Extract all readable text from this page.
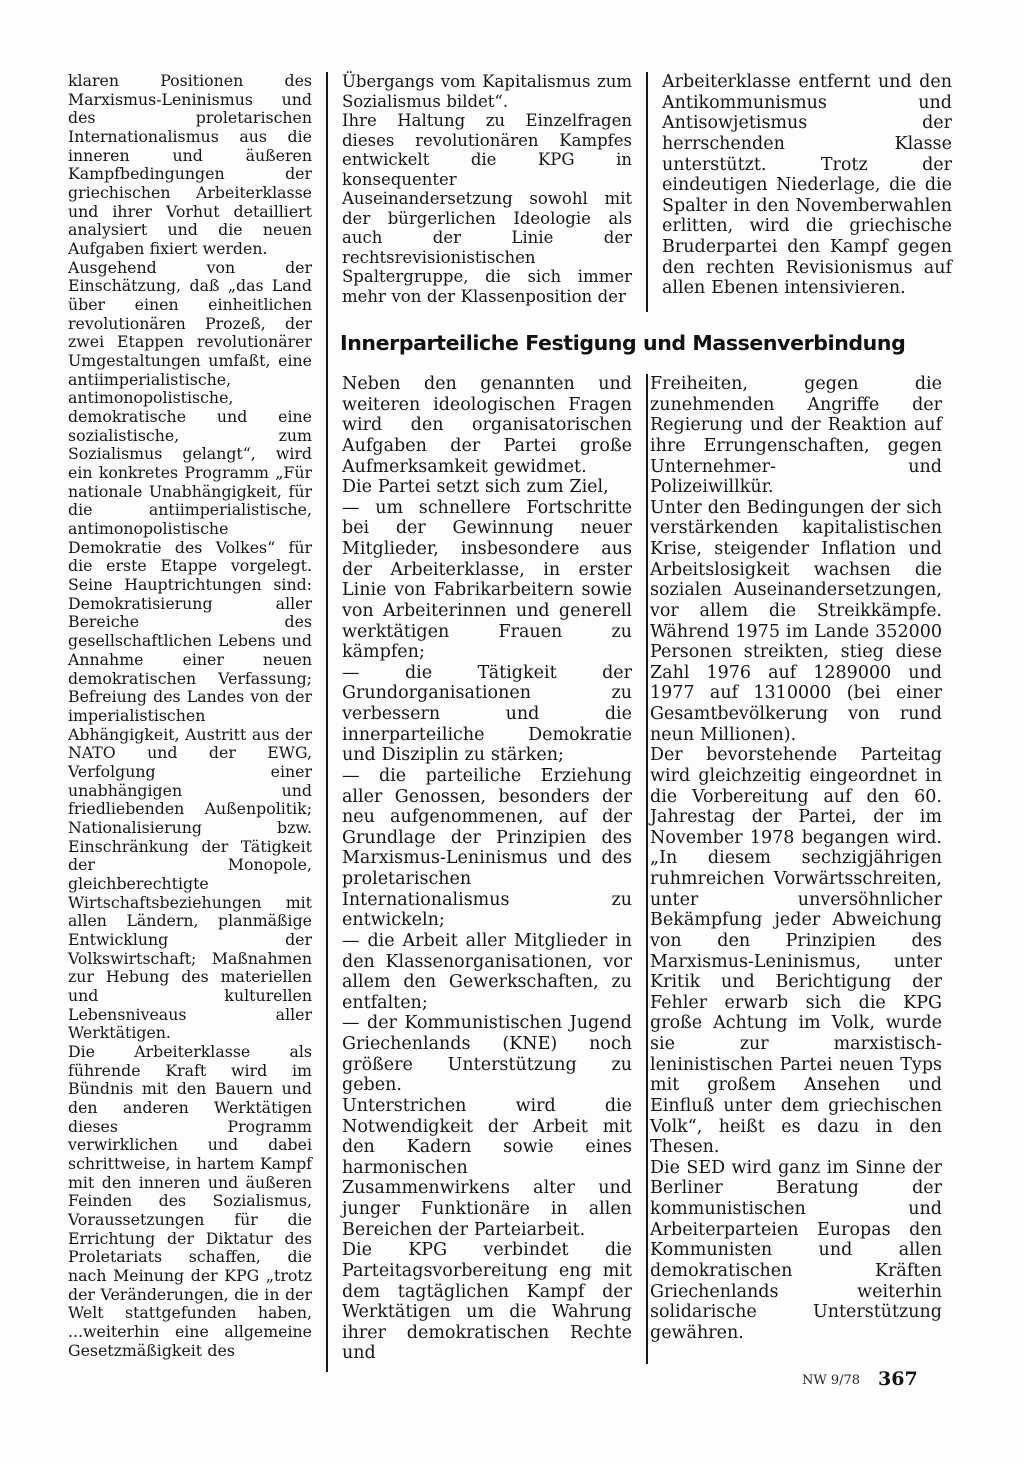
klaren Positionen des Marxismus-Leninismus und des proletarischen Internationalismus aus die inneren und äußeren Kampfbedingungen der griechischen Arbeiterklasse und ihrer Vorhut detailliert analysiert und die neuen Aufgaben fixiert werden.

Ausgehend von der Einschätzung, daß „das Land über einen einheitlichen revolutionären Prozeß, der zwei Etappen revolutionärer Umgestaltungen umfaßt, eine antiimperialistische, antimonopolistische, demokratische und eine sozialistische, zum Sozialismus gelangt“, wird ein konkretes Programm „Für nationale Unabhängigkeit, für die antiimperialistische, antimonopolistische Demokratie des Volkes“ für die erste Etappe vorgelegt. Seine Hauptrichtungen sind: Demokratisierung aller Bereiche des gesellschaftlichen Lebens und Annahme einer neuen demokratischen Verfassung; Befreiung des Landes von der imperialistischen Abhängigkeit, Austritt aus der NATO und der EWG, Verfolgung einer unabhängigen und friedliebenden Außenpolitik; Nationalisierung bzw. Einschränkung der Tätigkeit der Monopole, gleichberechtigte Wirtschaftsbeziehungen mit allen Ländern, planmäßige Entwicklung der Volkswirtschaft; Maßnahmen zur Hebung des materiellen und kulturellen Lebensniveaus aller Werktätigen.

Die Arbeiterklasse als führende Kraft wird im Bündnis mit den Bauern und den anderen Werktätigen dieses Programm verwirklichen und dabei schrittweise, in hartem Kampf mit den inneren und äußeren Feinden des Sozialismus, Voraussetzungen für die Errichtung der Diktatur des Proletariats schaffen, die nach Meinung der KPG „trotz der Veränderungen, die in der Welt stattgefunden haben, ...weiterhin eine allgemeine Gesetzmäßigkeit des

Übergangs vom Kapitalismus zum Sozialismus bildet“.

Ihre Haltung zu Einzelfragen dieses revolutionären Kampfes entwickelt die KPG in konsequenter Auseinandersetzung sowohl mit der bürgerlichen Ideologie als auch der Linie der rechtsrevisionistischen Spaltergruppe, die sich immer mehr von der Klassenposition der

Arbeiterklasse entfernt und den Antikommunismus und Antisowjetismus der herrschenden Klasse unterstützt. Trotz der eindeutigen Niederlage, die die Spalter in den Novemberwahlen erlitten, wird die griechische Bruderpartei den Kampf gegen den rechten Revisionismus auf allen Ebenen intensivieren.

Innerparteiliche Festigung und Massenverbindung

Neben den genannten und weiteren ideologischen Fragen wird den organisatorischen Aufgaben der Partei große Aufmerksamkeit gewidmet.

Die Partei setzt sich zum Ziel,

— um schnellere Fortschritte bei der Gewinnung neuer Mitglieder, insbesondere aus der Arbeiterklasse, in erster Linie von Fabrikarbeitern sowie von Arbeiterinnen und generell werktätigen Frauen zu kämpfen;

— die Tätigkeit der Grundorganisationen zu verbessern und die innerparteiliche Demokratie und Disziplin zu stärken;

— die parteiliche Erziehung aller Genossen, besonders der neu aufgenommenen, auf der Grundlage der Prinzipien des Marxismus-Leninismus und des proletarischen Internationalismus zu entwickeln;

— die Arbeit aller Mitglieder in den Klassenorganisationen, vor allem den Gewerkschaften, zu entfalten;

— der Kommunistischen Jugend Griechenlands (KNE) noch größere Unterstützung zu geben.

Unterstrichen wird die Notwendigkeit der Arbeit mit den Kadern sowie eines harmonischen Zusammenwirkens alter und junger Funktionäre in allen Bereichen der Parteiarbeit.

Die KPG verbindet die Parteitagsvorbereitung eng mit dem tagtäglichen Kampf der Werktätigen um die Wahrung ihrer demokratischen Rechte und

Freiheiten, gegen die zunehmenden Angriffe der Regierung und der Reaktion auf ihre Errungenschaften, gegen Unternehmer- und Polizeiwillkür.

Unter den Bedingungen der sich verstärkenden kapitalistischen Krise, steigender Inflation und Arbeitslosigkeit wachsen die sozialen Auseinandersetzungen, vor allem die Streikkämpfe. Während 1975 im Lande 352000 Personen streikten, stieg diese Zahl 1976 auf 1289000 und 1977 auf 1310000 (bei einer Gesamtbevölkerung von rund neun Millionen).

Der bevorstehende Parteitag wird gleichzeitig eingeordnet in die Vorbereitung auf den 60. Jahrestag der Partei, der im November 1978 begangen wird. „In diesem sechzigjährigen ruhmreichen Vorwärtsschreiten, unter unversöhnlicher Bekämpfung jeder Abweichung von den Prinzipien des Marxismus-Leninismus, unter Kritik und Berichtigung der Fehler erwarb sich die KPG große Achtung im Volk, wurde sie zur marxistisch-leninistischen Partei neuen Typs mit großem Ansehen und Einfluß unter dem griechischen Volk“, heißt es dazu in den Thesen.

Die SED wird ganz im Sinne der Berliner Beratung der kommunistischen und Arbeiterparteien Europas den Kommunisten und allen demokratischen Kräften Griechenlands weiterhin solidarische Unterstützung gewähren.

NW 9/78 367
